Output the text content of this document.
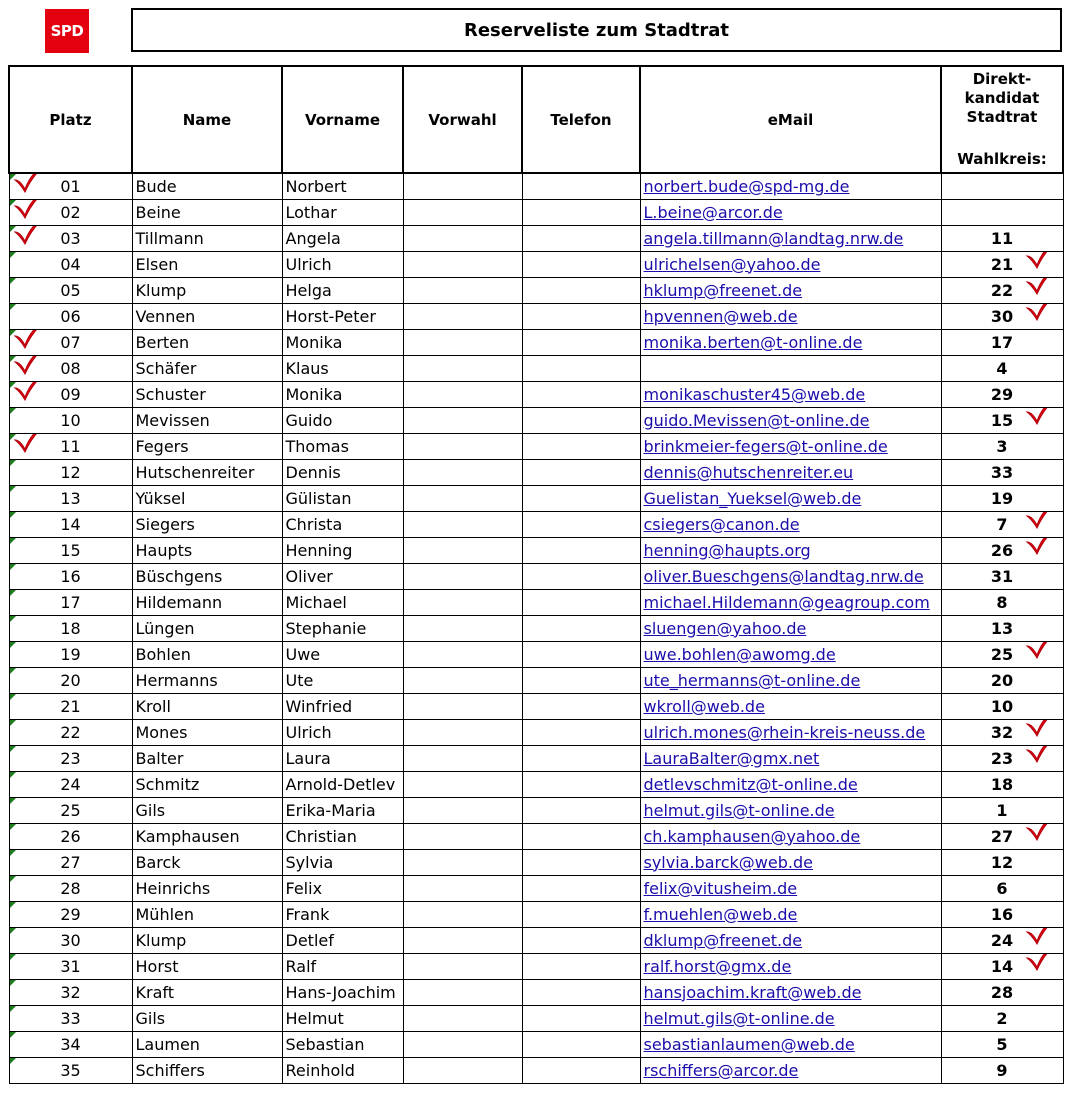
SPD	Reserveliste zum Stadtrat
Platz	Name	Vorname	Vorwahl	Telefon	eMail	Direkt-
kandidat
Stadtrat

Wahlkreis:

01	Bude	Norbert			norbert.bude@spd-mg.de	

02	Beine	Lothar			L.beine@arcor.de	

03	Tillmann	Angela			angela.tillmann@landtag.nrw.de	11

04	Elsen	Ulrich			ulrichelsen@yahoo.de	21

05	Klump	Helga			hklump@freenet.de	22

06	Vennen	Horst-Peter			hpvennen@web.de	30

07	Berten	Monika			monika.berten@t-online.de	17

08	Schäfer	Klaus				4

09	Schuster	Monika			monikaschuster45@web.de	29

10	Mevissen	Guido			guido.Mevissen@t-online.de	15

11	Fegers	Thomas			brinkmeier-fegers@t-online.de	3

12	Hutschenreiter	Dennis			dennis@hutschenreiter.eu	33

13	Yüksel	Gülistan			Guelistan_Yueksel@web.de	19

14	Siegers	Christa			csiegers@canon.de	7

15	Haupts	Henning			henning@haupts.org	26

16	Büschgens	Oliver			oliver.Bueschgens@landtag.nrw.de	31

17	Hildemann	Michael			michael.Hildemann@geagroup.com	8

18	Lüngen	Stephanie			sluengen@yahoo.de	13

19	Bohlen	Uwe			uwe.bohlen@awomg.de	25

20	Hermanns	Ute			ute_hermanns@t-online.de	20

21	Kroll	Winfried			wkroll@web.de	10

22	Mones	Ulrich			ulrich.mones@rhein-kreis-neuss.de	32

23	Balter	Laura			LauraBalter@gmx.net	23

24	Schmitz	Arnold-Detlev			detlevschmitz@t-online.de	18

25	Gils	Erika-Maria			helmut.gils@t-online.de	1

26	Kamphausen	Christian			ch.kamphausen@yahoo.de	27

27	Barck	Sylvia			sylvia.barck@web.de	12

28	Heinrichs	Felix			felix@vitusheim.de	6

29	Mühlen	Frank			f.muehlen@web.de	16

30	Klump	Detlef			dklump@freenet.de	24

31	Horst	Ralf			ralf.horst@gmx.de	14

32	Kraft	Hans-Joachim			hansjoachim.kraft@web.de	28

33	Gils	Helmut			helmut.gils@t-online.de	2

34	Laumen	Sebastian			sebastianlaumen@web.de	5

35	Schiffers	Reinhold			rschiffers@arcor.de	9
